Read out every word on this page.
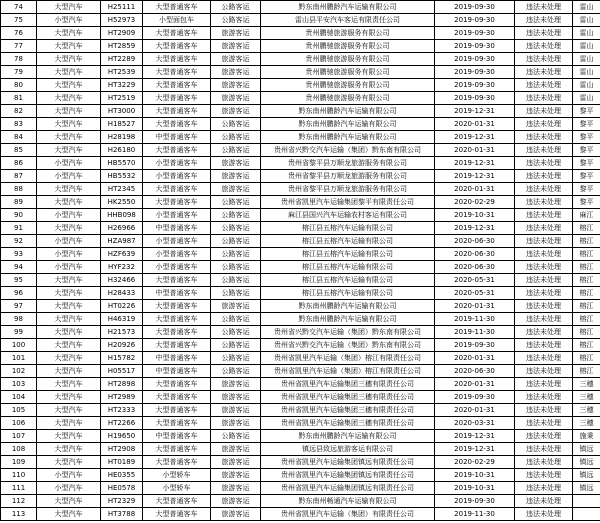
74	大型汽车	H25111	大型普通客车	公路客运	黔东南州鹏龄汽车运输有限公司	2019-09-30	违法未处理	雷山
75	小型汽车	H52973	小型面包车	公路客运	雷山县平安汽车客运有限责任公司	2019-09-30	违法未处理	雷山
76	大型汽车	HT2909	大型普通客车	旅游客运	贵州鹏驰旅游服务有限公司	2019-09-30	违法未处理	雷山
77	大型汽车	HT2859	大型普通客车	旅游客运	贵州鹏驰旅游服务有限公司	2019-09-30	违法未处理	雷山
78	大型汽车	HT2289	大型普通客车	旅游客运	贵州鹏驰旅游服务有限公司	2019-09-30	违法未处理	雷山
79	大型汽车	HT2539	大型普通客车	旅游客运	贵州鹏驰旅游服务有限公司	2019-09-30	违法未处理	雷山
80	大型汽车	HT3229	大型普通客车	旅游客运	贵州鹏驰旅游服务有限公司	2019-09-30	违法未处理	雷山
81	大型汽车	HT2519	大型普通客车	旅游客运	贵州鹏驰旅游服务有限公司	2019-09-30	违法未处理	雷山
82	大型汽车	HT3000	大型普通客车	旅游客运	黔东南州鹏龄汽车运输有限公司	2019-12-31	违法未处理	黎平
83	大型汽车	H18527	大型普通客车	公路客运	黔东南州鹏龄汽车运输有限公司	2020-01-31	违法未处理	黎平
84	大型汽车	H28198	中型普通客车	公路客运	黔东南州鹏龄汽车运输有限公司	2019-12-31	违法未处理	黎平
85	大型汽车	H26180	大型普通客车	公路客运	贵州省兴黔交汽车运输（集团）黔东南有限公司	2020-01-31	违法未处理	黎平
86	小型汽车	HB5570	小型普通客车	旅游客运	贵州省黎平县万顺龙旅游服务有限公司	2019-12-31	违法未处理	黎平
87	小型汽车	HB5532	小型普通客车	旅游客运	贵州省黎平县万顺龙旅游服务有限公司	2019-12-31	违法未处理	黎平
88	大型汽车	HT2345	大型普通客车	旅游客运	贵州省黎平县万顺龙旅游服务有限公司	2020-01-31	违法未处理	黎平
89	大型汽车	HK2550	大型普通客车	公路客运	贵州省凯里汽车运输集团黎平有限责任公司	2020-02-29	违法未处理	黎平
90	小型汽车	HHB098	小型普通客车	公路客运	麻江县国兴汽车运输农村客运有限公司	2019-10-31	违法未处理	麻江
91	大型汽车	H26966	中型普通客车	公路客运	榕江县五榕汽车运输有限公司	2019-12-31	违法未处理	榕江
92	小型汽车	HZA987	小型普通客车	公路客运	榕江县五榕汽车运输有限公司	2020-06-30	违法未处理	榕江
93	小型汽车	HZF639	小型普通客车	公路客运	榕江县五榕汽车运输有限公司	2020-06-30	违法未处理	榕江
94	小型汽车	HYF232	小型普通客车	公路客运	榕江县五榕汽车运输有限公司	2020-06-30	违法未处理	榕江
95	大型汽车	H32466	大型普通客车	公路客运	榕江县五榕汽车运输有限公司	2020-05-31	违法未处理	榕江
96	大型汽车	H28433	中型普通客车	公路客运	榕江县五榕汽车运输有限公司	2020-05-31	违法未处理	榕江
97	大型汽车	HT0226	大型普通客车	旅游客运	黔东南州鹏龄汽车运输有限公司	2020-01-31	违法未处理	榕江
98	大型汽车	H46319	大型普通客车	公路客运	黔东南州鹏龄汽车运输有限公司	2019-11-30	违法未处理	榕江
99	大型汽车	H21573	大型普通客车	公路客运	贵州省兴黔交汽车运输（集团）黔东南有限公司	2019-11-30	违法未处理	榕江
100	大型汽车	H20926	大型普通客车	公路客运	贵州省兴黔交汽车运输（集团）黔东南有限公司	2019-09-30	违法未处理	榕江
101	大型汽车	H15782	中型普通客车	公路客运	贵州省凯里汽车运输（集团）榕江有限责任公司	2020-01-31	违法未处理	榕江
102	大型汽车	H05517	中型普通客车	公路客运	贵州省凯里汽车运输（集团）榕江有限责任公司	2020-06-30	违法未处理	榕江
103	大型汽车	HT2898	大型普通客车	旅游客运	贵州省凯里汽车运输集团三穗有限责任公司	2020-01-31	违法未处理	三穗
104	大型汽车	HT2989	大型普通客车	旅游客运	贵州省凯里汽车运输集团三穗有限责任公司	2019-09-30	违法未处理	三穗
105	大型汽车	HT2333	大型普通客车	旅游客运	贵州省凯里汽车运输集团三穗有限责任公司	2020-01-31	违法未处理	三穗
106	大型汽车	HT2266	大型普通客车	旅游客运	贵州省凯里汽车运输集团三穗有限责任公司	2020-03-31	违法未处理	三穗
107	大型汽车	H19650	中型普通客车	公路客运	黔东南州鹏龄汽车运输有限公司	2019-12-31	违法未处理	施秉
108	大型汽车	HT2908	大型普通客车	旅游客运	镇远县致远旅游客运有限公司	2019-12-31	违法未处理	镇远
109	大型汽车	HT0189	大型普通客车	旅游客运	贵州省凯里汽车运输集团镇远有限责任公司	2020-02-29	违法未处理	镇远
110	小型汽车	HE0355	小型轿车	旅游客运	贵州省凯里汽车运输集团镇远有限责任公司	2019-10-31	违法未处理	镇远
111	小型汽车	HE0578	小型轿车	旅游客运	贵州省凯里汽车运输集团镇远有限责任公司	2019-10-31	违法未处理	镇远
112	大型汽车	HT2329	大型普通客车	旅游客运	黔东南州畅通汽车运输有限公司	2019-09-30	违法未处理	
113	大型汽车	HT3788	大型普通客车	旅游客运	贵州省凯里汽车运输（集团）有限责任公司	2019-11-30	违法未处理	
